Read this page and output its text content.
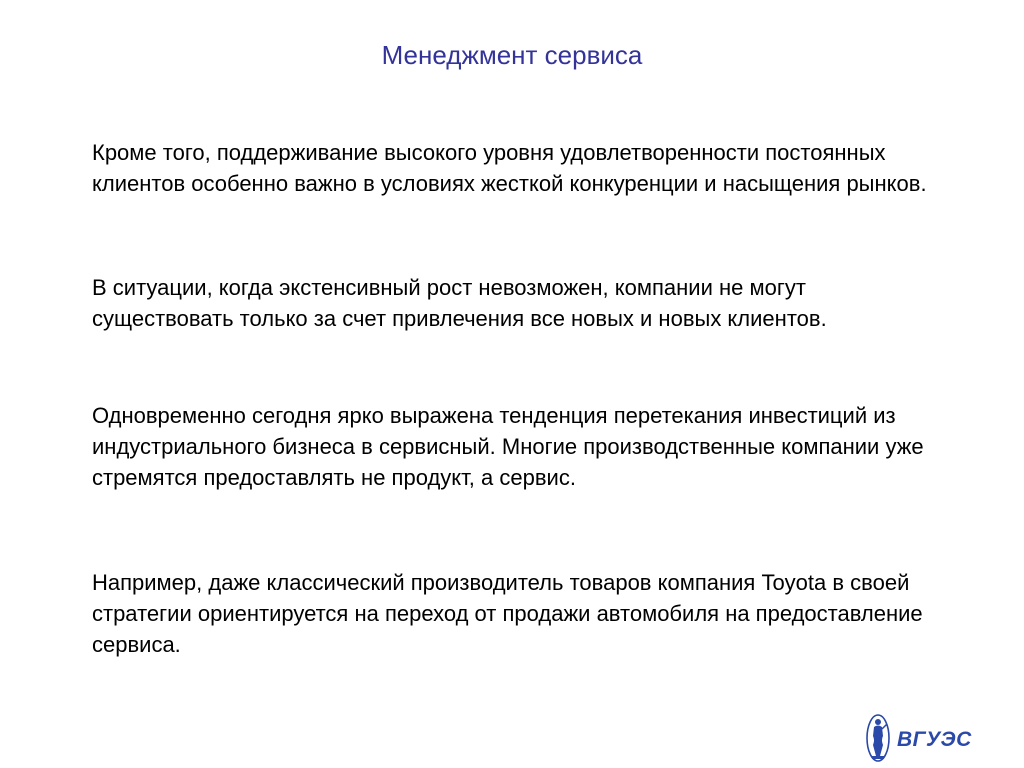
Менеджмент сервиса

Кроме того, поддерживание высокого уровня удовлетворенности постоянных клиентов особенно важно в условиях жесткой конкуренции и насыщения рынков.

В ситуации, когда экстенсивный рост невозможен, компании не могут существовать только за счет привлечения все новых и новых клиентов.

Одновременно сегодня ярко выражена тенденция перетекания инвестиций из индустриального бизнеса в сервисный. Многие производственные компании уже стремятся предоставлять не продукт, а сервис.

Например, даже классический производитель товаров компания Toyota в своей стратегии ориентируется на переход от продажи автомобиля на предоставление сервиса.

ВГУЭС
